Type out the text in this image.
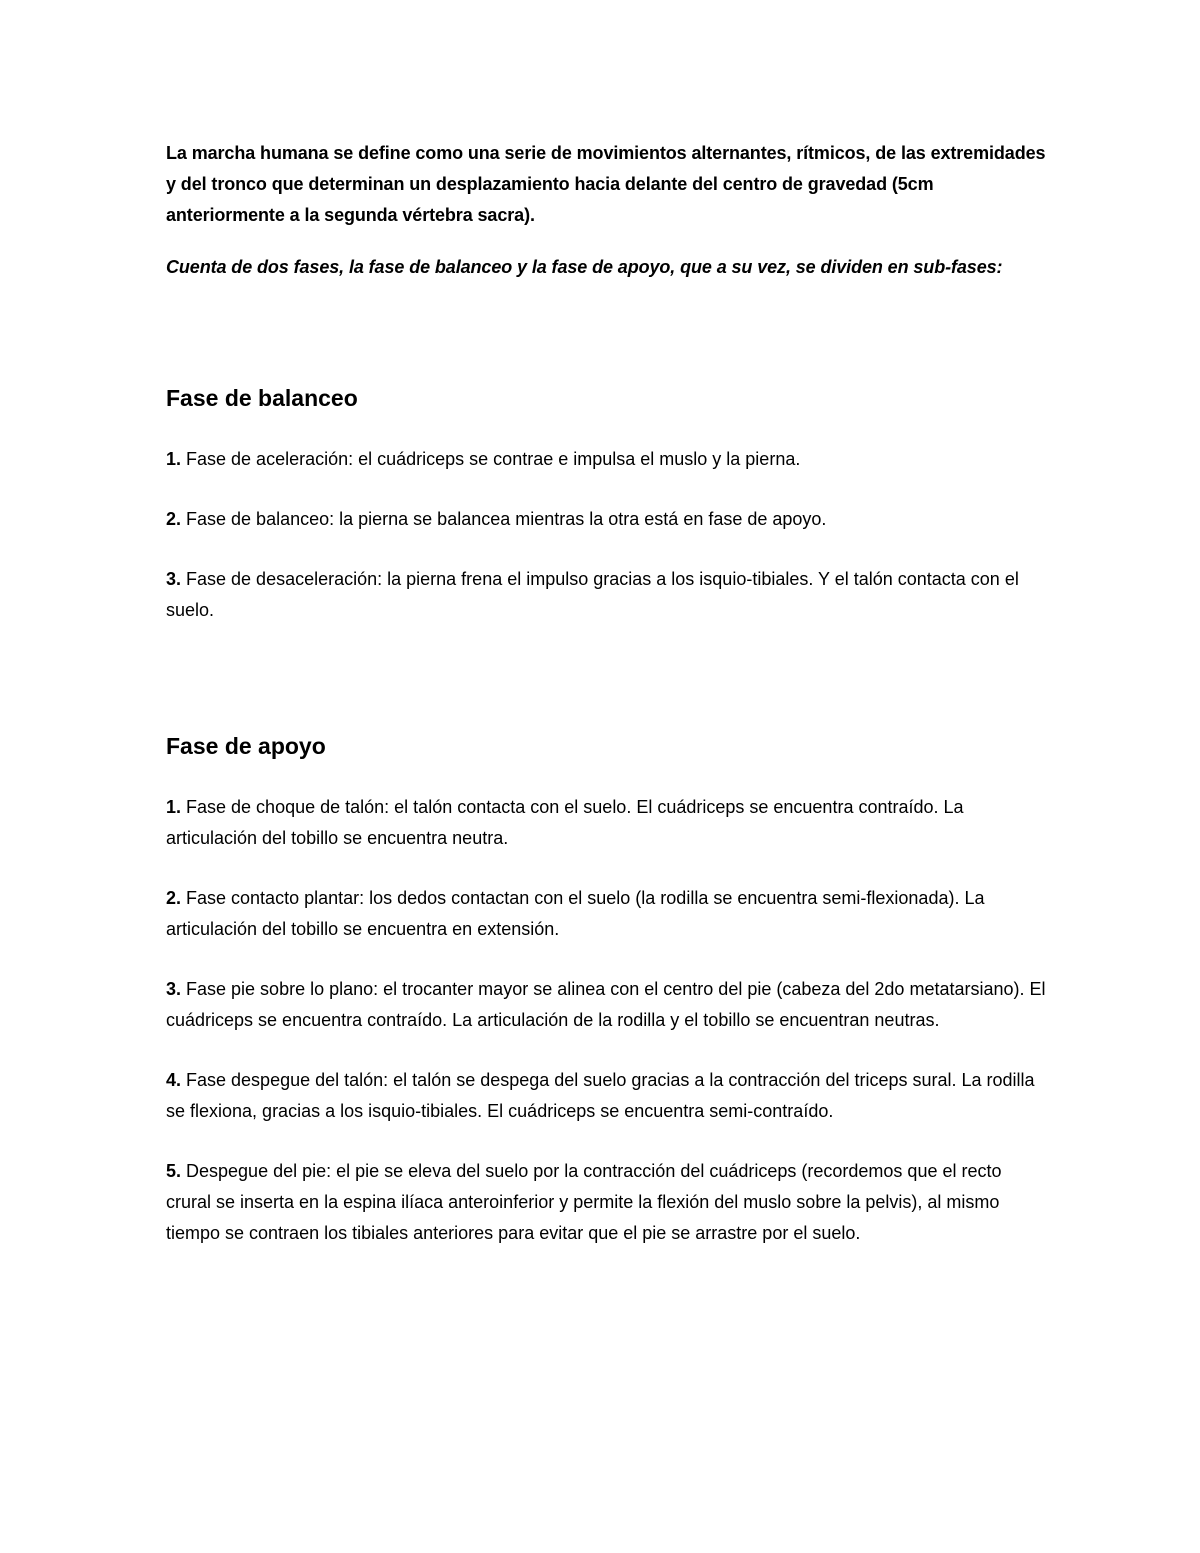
La marcha humana se define como una serie de movimientos alternantes, rítmicos, de las extremidades y del tronco que determinan un desplazamiento hacia delante del centro de gravedad (5cm anteriormente a la segunda vértebra sacra).

Cuenta de dos fases, la fase de balanceo y la fase de apoyo, que a su vez, se dividen en sub-fases:

Fase de balanceo

1. Fase de aceleración: el cuádriceps se contrae e impulsa el muslo y la pierna.

2. Fase de balanceo: la pierna se balancea mientras la otra está en fase de apoyo.

3. Fase de desaceleración: la pierna frena el impulso gracias a los isquio-tibiales. Y el talón contacta con el suelo.

Fase de apoyo

1. Fase de choque de talón: el talón contacta con el suelo. El cuádriceps se encuentra contraído. La articulación del tobillo se encuentra neutra.

2. Fase contacto plantar: los dedos contactan con el suelo (la rodilla se encuentra semi-flexionada). La articulación del tobillo se encuentra en extensión.

3. Fase pie sobre lo plano: el trocanter mayor se alinea con el centro del pie (cabeza del 2do metatarsiano). El cuádriceps se encuentra contraído. La articulación de la rodilla y el tobillo se encuentran neutras.

4. Fase despegue del talón: el talón se despega del suelo gracias a la contracción del triceps sural. La rodilla se flexiona, gracias a los isquio-tibiales. El cuádriceps se encuentra semi-contraído.

5. Despegue del pie: el pie se eleva del suelo por la contracción del cuádriceps (recordemos que el recto crural se inserta en la espina ilíaca anteroinferior y permite la flexión del muslo sobre la pelvis), al mismo tiempo se contraen los tibiales anteriores para evitar que el pie se arrastre por el suelo.
